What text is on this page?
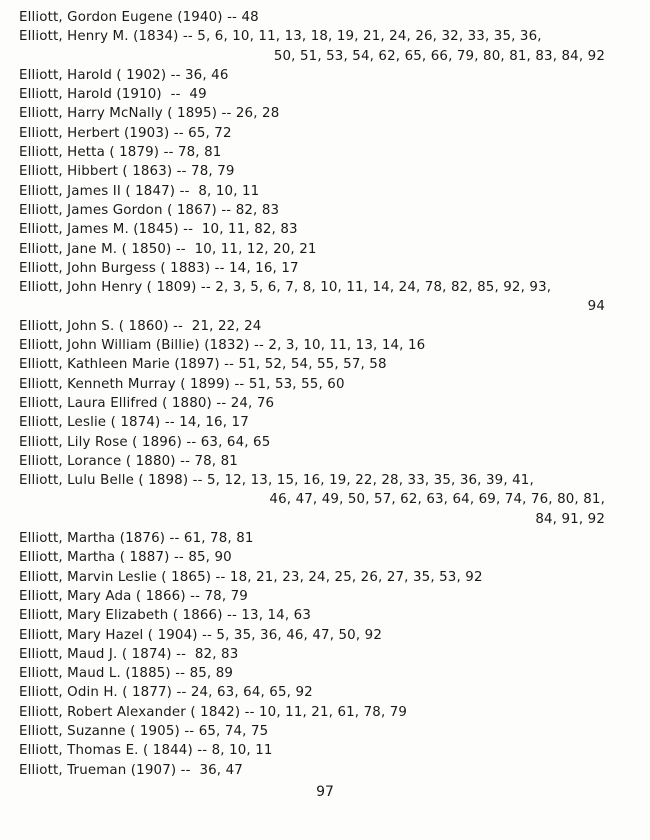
Elliott, Gordon Eugene (1940) -- 48
Elliott, Henry M. (1834) -- 5, 6, 10, 11, 13, 18, 19, 21, 24, 26, 32, 33, 35, 36,
50, 51, 53, 54, 62, 65, 66, 79, 80, 81, 83, 84, 92
Elliott, Harold ( 1902) -- 36, 46
Elliott, Harold (1910)  --  49
Elliott, Harry McNally ( 1895) -- 26, 28
Elliott, Herbert (1903) -- 65, 72
Elliott, Hetta ( 1879) -- 78, 81
Elliott, Hibbert ( 1863) -- 78, 79
Elliott, James II ( 1847) --  8, 10, 11
Elliott, James Gordon ( 1867) -- 82, 83
Elliott, James M. (1845) --  10, 11, 82, 83
Elliott, Jane M. ( 1850) --  10, 11, 12, 20, 21
Elliott, John Burgess ( 1883) -- 14, 16, 17
Elliott, John Henry ( 1809) -- 2, 3, 5, 6, 7, 8, 10, 11, 14, 24, 78, 82, 85, 92, 93,
94
Elliott, John S. ( 1860) --  21, 22, 24
Elliott, John William (Billie) (1832) -- 2, 3, 10, 11, 13, 14, 16
Elliott, Kathleen Marie (1897) -- 51, 52, 54, 55, 57, 58
Elliott, Kenneth Murray ( 1899) -- 51, 53, 55, 60
Elliott, Laura Ellifred ( 1880) -- 24, 76
Elliott, Leslie ( 1874) -- 14, 16, 17
Elliott, Lily Rose ( 1896) -- 63, 64, 65
Elliott, Lorance ( 1880) -- 78, 81
Elliott, Lulu Belle ( 1898) -- 5, 12, 13, 15, 16, 19, 22, 28, 33, 35, 36, 39, 41,
46, 47, 49, 50, 57, 62, 63, 64, 69, 74, 76, 80, 81,
84, 91, 92
Elliott, Martha (1876) -- 61, 78, 81
Elliott, Martha ( 1887) -- 85, 90
Elliott, Marvin Leslie ( 1865) -- 18, 21, 23, 24, 25, 26, 27, 35, 53, 92
Elliott, Mary Ada ( 1866) -- 78, 79
Elliott, Mary Elizabeth ( 1866) -- 13, 14, 63
Elliott, Mary Hazel ( 1904) -- 5, 35, 36, 46, 47, 50, 92
Elliott, Maud J. ( 1874) --  82, 83
Elliott, Maud L. (1885) -- 85, 89
Elliott, Odin H. ( 1877) -- 24, 63, 64, 65, 92
Elliott, Robert Alexander ( 1842) -- 10, 11, 21, 61, 78, 79
Elliott, Suzanne ( 1905) -- 65, 74, 75
Elliott, Thomas E. ( 1844) -- 8, 10, 11
Elliott, Trueman (1907) --  36, 47
97
